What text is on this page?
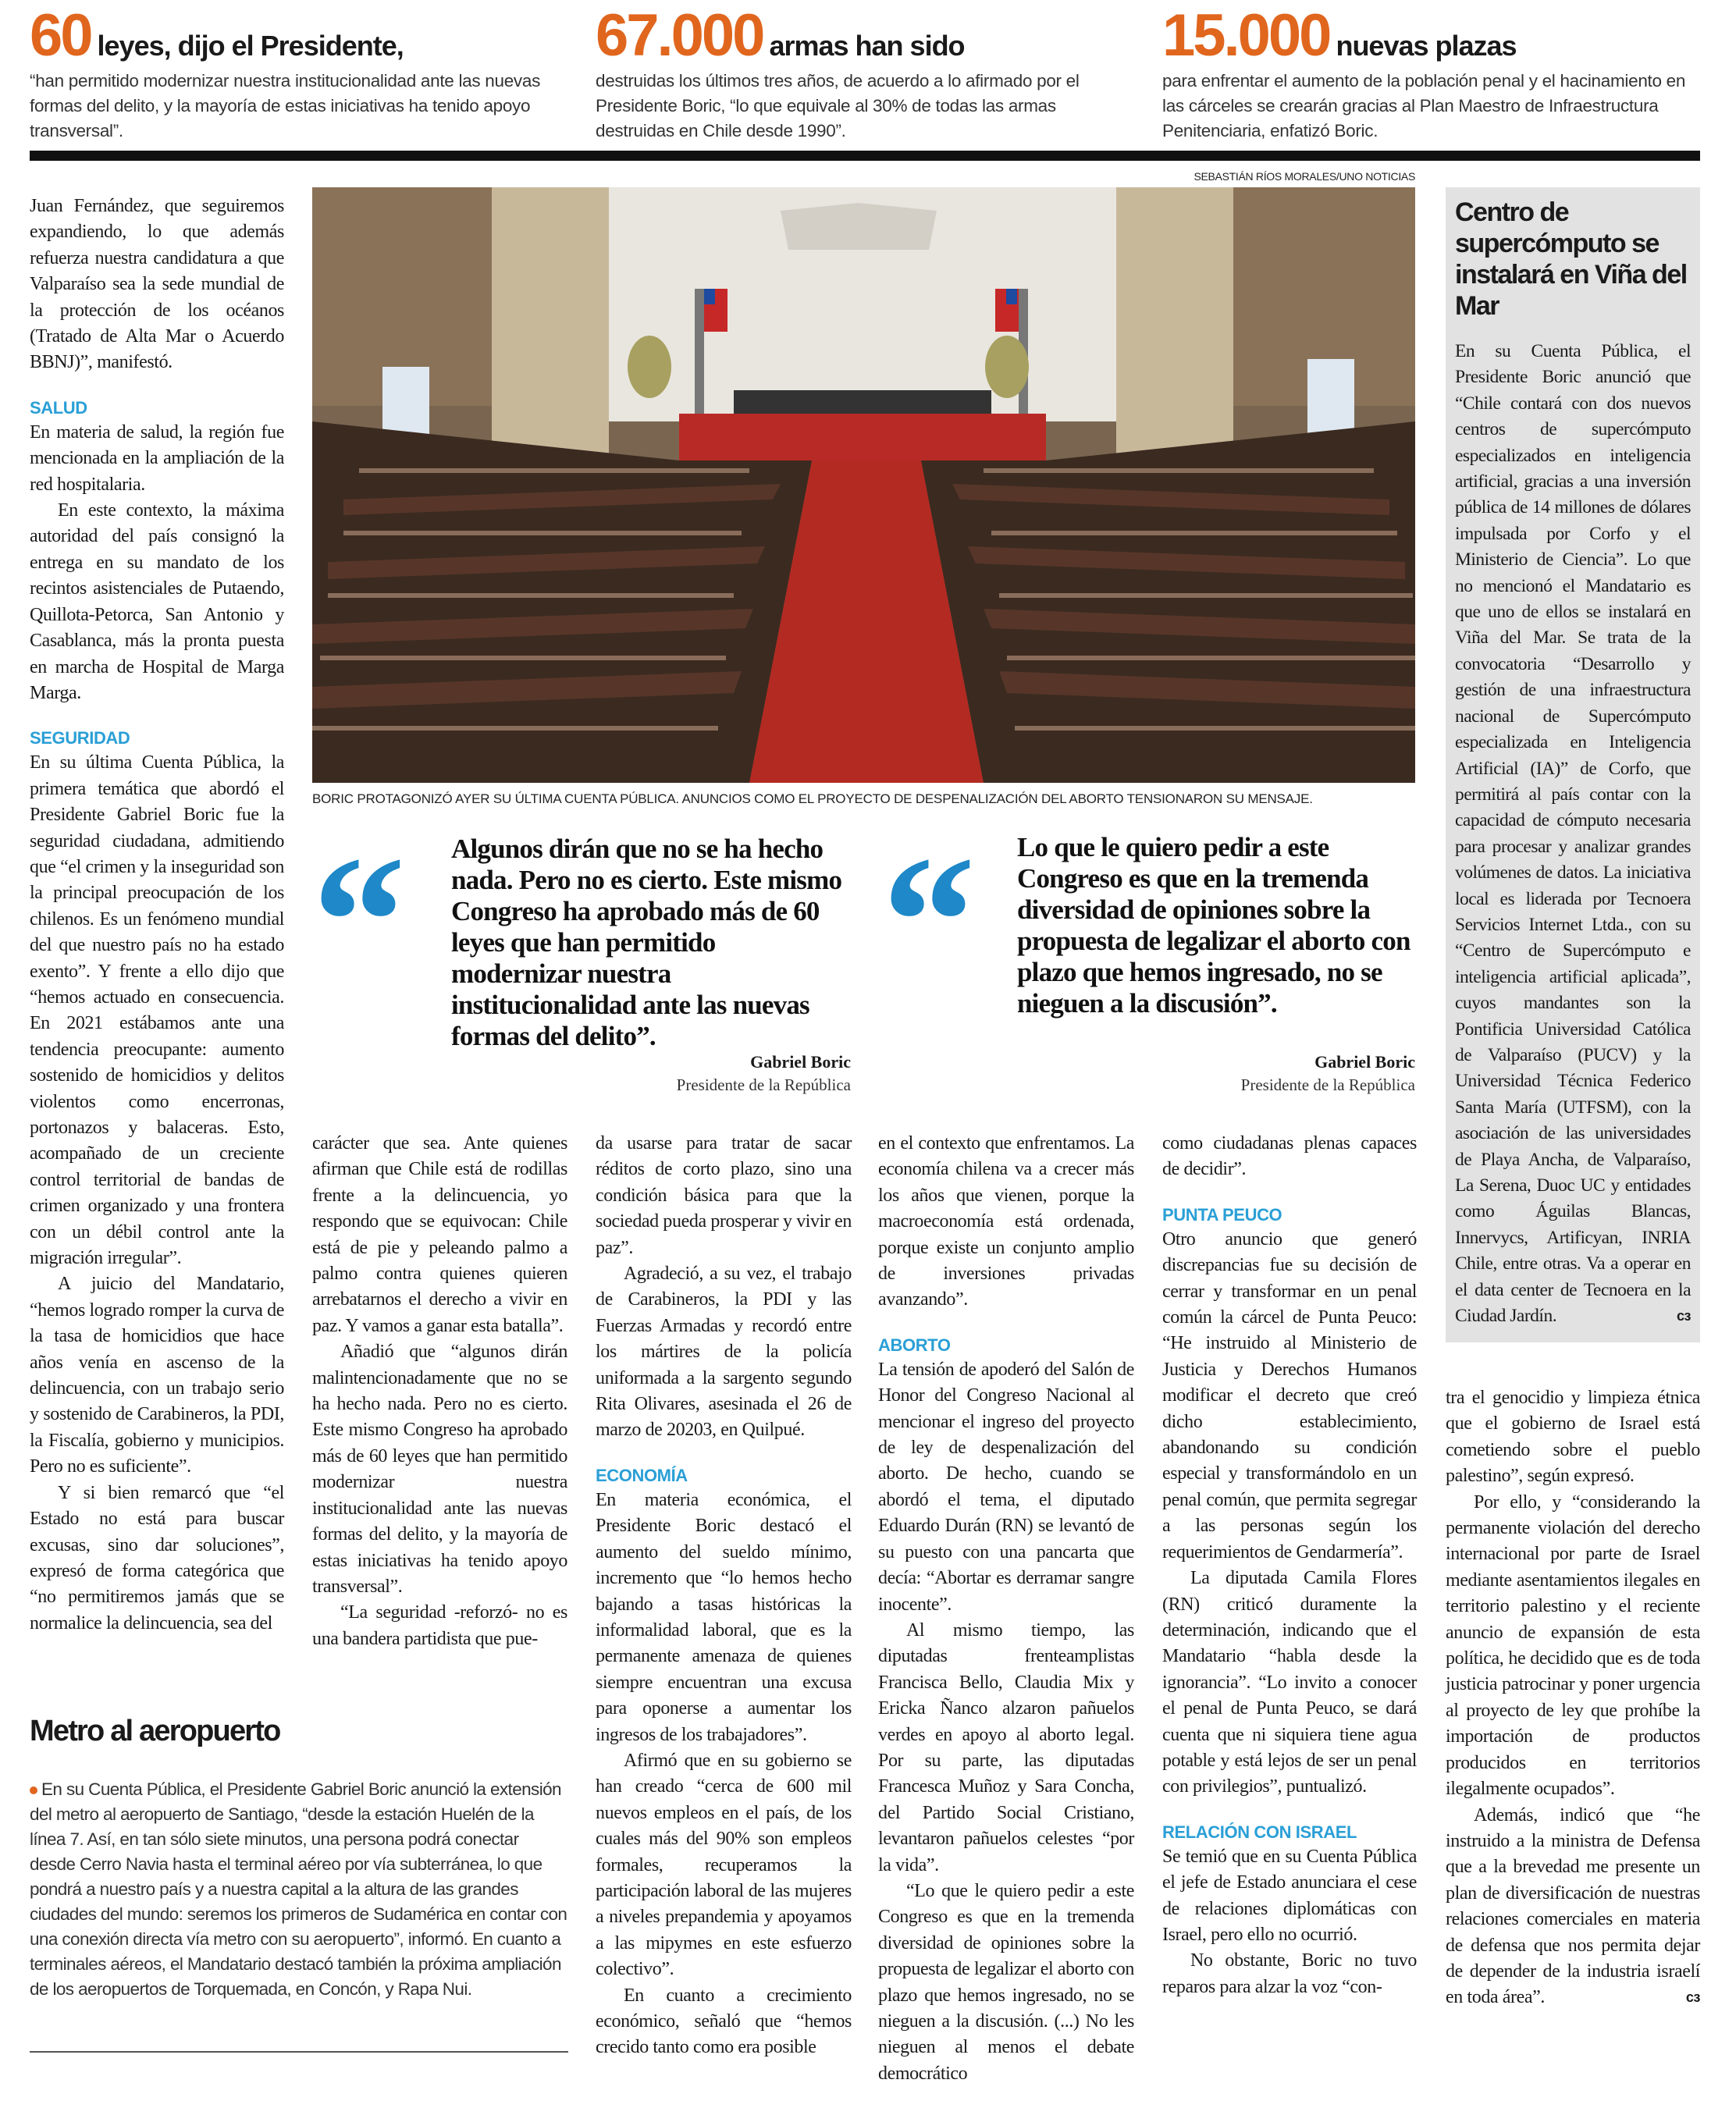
60 leyes, dijo el Presidente,
“han permitido modernizar nuestra institucionalidad ante las nuevas formas del delito, y la mayoría de estas iniciativas ha tenido apoyo transversal”.
67.000 armas han sido
destruidas los últimos tres años, de acuerdo a lo afirmado por el Presidente Boric, “lo que equivale al 30% de todas las armas destruidas en Chile desde 1990”.
15.000 nuevas plazas
para enfrentar el aumento de la población penal y el hacinamiento en las cárceles se crearán gracias al Plan Maestro de Infraestructura Penitenciaria, enfatizó Boric.
SEBASTIÁN RÍOS MORALES/UNO NOTICIAS
BORIC PROTAGONIZÓ AYER SU ÚLTIMA CUENTA PÚBLICA. ANUNCIOS COMO EL PROYECTO DE DESPENALIZACIÓN DEL ABORTO TENSIONARON SU MENSAJE.
“ Algunos dirán que no se ha hecho nada. Pero no es cierto. Este mismo Congreso ha aprobado más de 60 leyes que han permitido modernizar nuestra institucionalidad ante las nuevas formas del delito”.
Gabriel Boric
Presidente de la República
“ Lo que le quiero pedir a este Congreso es que en la tremenda diversidad de opiniones sobre la propuesta de legalizar el aborto con plazo que hemos ingresado, no se nieguen a la discusión”.
Gabriel Boric
Presidente de la República

Juan Fernández, que seguiremos expandiendo, lo que además refuerza nuestra candidatura a que Valparaíso sea la sede mundial de la protección de los océanos (Tratado de Alta Mar o Acuerdo BBNJ)”, manifestó.

SALUD

En materia de salud, la región fue mencionada en la ampliación de la red hospitalaria.

En este contexto, la máxima autoridad del país consignó la entrega en su mandato de los recintos asistenciales de Putaendo, Quillota-Petorca, San Antonio y Casablanca, más la pronta puesta en marcha de Hospital de Marga Marga.

SEGURIDAD

En su última Cuenta Pública, la primera temática que abordó el Presidente Gabriel Boric fue la seguridad ciudadana, admitiendo que “el crimen y la inseguridad son la principal preocupación de los chilenos. Es un fenómeno mundial del que nuestro país no ha estado exento”. Y frente a ello dijo que “hemos actuado en consecuencia. En 2021 estábamos ante una tendencia preocupante: aumento sostenido de homicidios y delitos violentos como encerronas, portonazos y balaceras. Esto, acompañado de un creciente control territorial de bandas de crimen organizado y una frontera con un débil control ante la migración irregular”.

A juicio del Mandatario, “hemos logrado romper la curva de la tasa de homicidios que hace años venía en ascenso de la delincuencia, con un trabajo serio y sostenido de Carabineros, la PDI, la Fiscalía, gobierno y municipios. Pero no es suficiente”.

Y si bien remarcó que “el Estado no está para buscar excusas, sino dar soluciones”, expresó de forma categórica que “no permitiremos jamás que se normalice la delincuencia, sea del

carácter que sea. Ante quienes afirman que Chile está de rodillas frente a la delincuencia, yo respondo que se equivocan: Chile está de pie y peleando palmo a palmo contra quienes quieren arrebatarnos el derecho a vivir en paz. Y vamos a ganar esta batalla”.

Añadió que “algunos dirán malintencionadamente que no se ha hecho nada. Pero no es cierto. Este mismo Congreso ha aprobado más de 60 leyes que han permitido modernizar nuestra institucionalidad ante las nuevas formas del delito, y la mayoría de estas iniciativas ha tenido apoyo transversal”.

“La seguridad -reforzó- no es una bandera partidista que pue-

da usarse para tratar de sacar réditos de corto plazo, sino una condición básica para que la sociedad pueda prosperar y vivir en paz”.

Agradeció, a su vez, el trabajo de Carabineros, la PDI y las Fuerzas Armadas y recordó entre los mártires de la policía uniformada a la sargento segundo Rita Olivares, asesinada el 26 de marzo de 20203, en Quilpué.

ECONOMÍA

En materia económica, el Presidente Boric destacó el aumento del sueldo mínimo, incremento que “lo hemos hecho bajando a tasas históricas la informalidad laboral, que es la permanente amenaza de quienes siempre encuentran una excusa para oponerse a aumentar los ingresos de los trabajadores”.

Afirmó que en su gobierno se han creado “cerca de 600 mil nuevos empleos en el país, de los cuales más del 90% son empleos formales, recuperamos la participación laboral de las mujeres a niveles prepandemia y apoyamos a las mipymes en este esfuerzo colectivo”.

En cuanto a crecimiento económico, señaló que “hemos crecido tanto como era posible

en el contexto que enfrentamos. La economía chilena va a crecer más los años que vienen, porque la macroeconomía está ordenada, porque existe un conjunto amplio de inversiones privadas avanzando”.

ABORTO

La tensión de apoderó del Salón de Honor del Congreso Nacional al mencionar el ingreso del proyecto de ley de despenalización del aborto. De hecho, cuando se abordó el tema, el diputado Eduardo Durán (RN) se levantó de su puesto con una pancarta que decía: “Abortar es derramar sangre inocente”.

Al mismo tiempo, las diputadas frenteamplistas Francisca Bello, Claudia Mix y Ericka Ñanco alzaron pañuelos verdes en apoyo al aborto legal. Por su parte, las diputadas Francesca Muñoz y Sara Concha, del Partido Social Cristiano, levantaron pañuelos celestes “por la vida”.

“Lo que le quiero pedir a este Congreso es que en la tremenda diversidad de opiniones sobre la propuesta de legalizar el aborto con plazo que hemos ingresado, no se nieguen a la discusión. (...) No les nieguen al menos el debate democrático

como ciudadanas plenas capaces de decidir”.

PUNTA PEUCO

Otro anuncio que generó discrepancias fue su decisión de cerrar y transformar en un penal común la cárcel de Punta Peuco: “He instruido al Ministerio de Justicia y Derechos Humanos modificar el decreto que creó dicho establecimiento, abandonando su condición especial y transformándolo en un penal común, que permita segregar a las personas según los requerimientos de Gendarmería”.

La diputada Camila Flores (RN) criticó duramente la determinación, indicando que el Mandatario “habla desde la ignorancia”. “Lo invito a conocer el penal de Punta Peuco, se dará cuenta que ni siquiera tiene agua potable y está lejos de ser un penal con privilegios”, puntualizó.

RELACIÓN CON ISRAEL

Se temió que en su Cuenta Pública el jefe de Estado anunciara el cese de relaciones diplomáticas con Israel, pero ello no ocurrió.

No obstante, Boric no tuvo reparos para alzar la voz “con-

Centro de supercómputo se instalará en Viña del Mar

En su Cuenta Pública, el Presidente Boric anunció que “Chile contará con dos nuevos centros de supercómputo especializados en inteligencia artificial, gracias a una inversión pública de 14 millones de dólares impulsada por Corfo y el Ministerio de Ciencia”. Lo que no mencionó el Mandatario es que uno de ellos se instalará en Viña del Mar. Se trata de la convocatoria “Desarrollo y gestión de una infraestructura nacional de Supercómputo especializada en Inteligencia Artificial (IA)” de Corfo, que permitirá al país contar con la capacidad de cómputo necesaria para procesar y analizar grandes volúmenes de datos. La iniciativa local es liderada por Tecnoera Servicios Internet Ltda., con su “Centro de Supercómputo e inteligencia artificial aplicada”, cuyos mandantes son la Pontificia Universidad Católica de Valparaíso (PUCV) y la Universidad Técnica Federico Santa María (UTFSM), con la asociación de las universidades de Playa Ancha, de Valparaíso, La Serena, Duoc UC y entidades como Águilas Blancas, Innervycs, Artificyan, INRIA Chile, entre otras. Va a operar en el data center de Tecnoera en la Ciudad Jardín.	cз

tra el genocidio y limpieza étnica que el gobierno de Israel está cometiendo sobre el pueblo palestino”, según expresó.

Por ello, y “considerando la permanente violación del derecho internacional por parte de Israel mediante asentamientos ilegales en territorio palestino y el reciente anuncio de expansión de esta política, he decidido que es de toda justicia patrocinar y poner urgencia al proyecto de ley que prohíbe la importación de productos producidos en territorios ilegalmente ocupados”.

Además, indicó que “he instruido a la ministra de Defensa que a la brevedad me presente un plan de diversificación de nuestras relaciones comerciales en materia de defensa que nos permita dejar de depender de la industria israelí en toda área”.	cз

Metro al aeropuerto

En su Cuenta Pública, el Presidente Gabriel Boric anunció la extensión del metro al aeropuerto de Santiago, “desde la estación Huelén de la línea 7. Así, en tan sólo siete minutos, una persona podrá conectar desde Cerro Navia hasta el terminal aéreo por vía subterránea, lo que pondrá a nuestro país y a nuestra capital a la altura de las grandes ciudades del mundo: seremos los primeros de Sudamérica en contar con una conexión directa vía metro con su aeropuerto”, informó. En cuanto a terminales aéreos, el Mandatario destacó también la próxima ampliación de los aeropuertos de Torquemada, en Concón, y Rapa Nui.
